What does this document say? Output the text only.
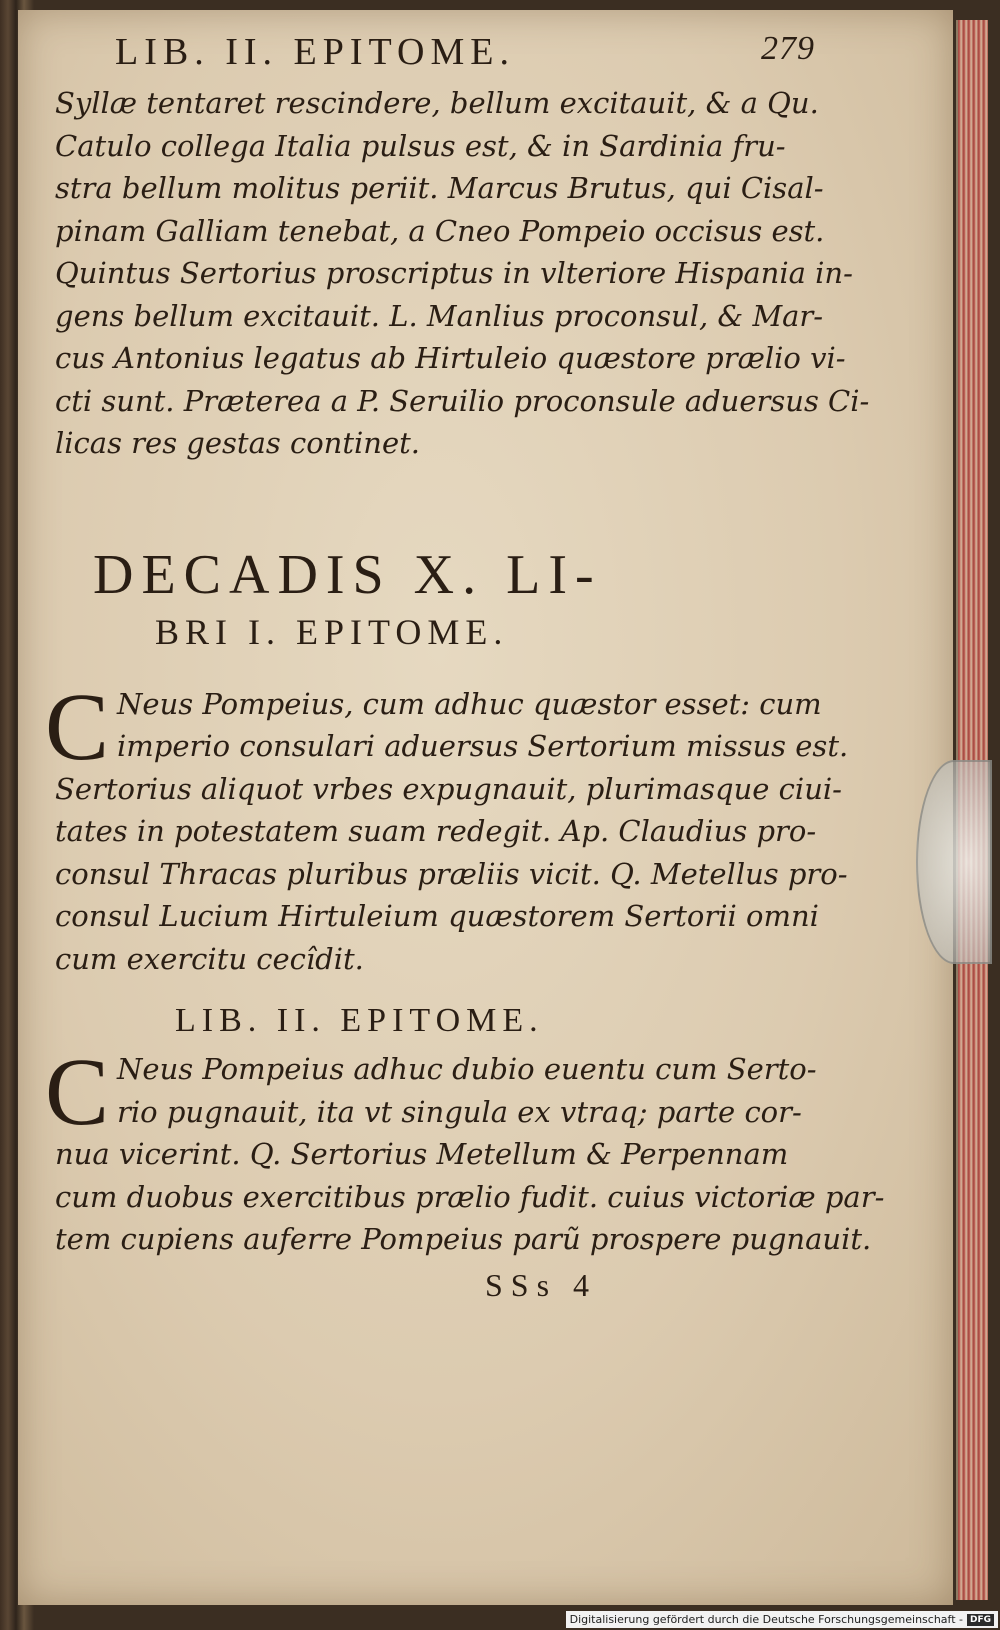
LIB. II. EPITOME.	279

Syllæ tentaret rescindere, bellum excitauit, & a Qu.
Catulo collega Italia pulsus est, & in Sardinia fru-
stra bellum molitus periit. Marcus Brutus, qui Cisal-
pinam Galliam tenebat, a Cneo Pompeio occisus est.
Quintus Sertorius proscriptus in vlteriore Hispania in-
gens bellum excitauit. L. Manlius proconsul, & Mar-
cus Antonius legatus ab Hirtuleio quæstore prælio vi-
cti sunt. Præterea a P. Seruilio proconsule aduersus Ci-
licas res gestas continet.

DECADIS X. LI-
BRI I. EPITOME.
C Neus Pompeius, cum adhuc quæstor esset: cum
imperio consulari aduersus Sertorium missus est.
Sertorius aliquot vrbes expugnauit, plurimasque ciui-
tates in potestatem suam redegit. Ap. Claudius pro-
consul Thracas pluribus præliis vicit. Q. Metellus pro-
consul Lucium Hirtuleium quæstorem Sertorii omni
cum exercitu cecîdit.
LIB. II. EPITOME.
C Neus Pompeius adhuc dubio euentu cum Serto-
rio pugnauit, ita vt singula ex vtraq; parte cor-
nua vicerint. Q. Sertorius Metellum & Perpennam
cum duobus exercitibus prælio fudit. cuius victoriæ par-
tem cupiens auferre Pompeius parũ prospere pugnauit.
SSs 4
Digitalisierung gefördert durch die Deutsche Forschungsgemeinschaft - DFG
